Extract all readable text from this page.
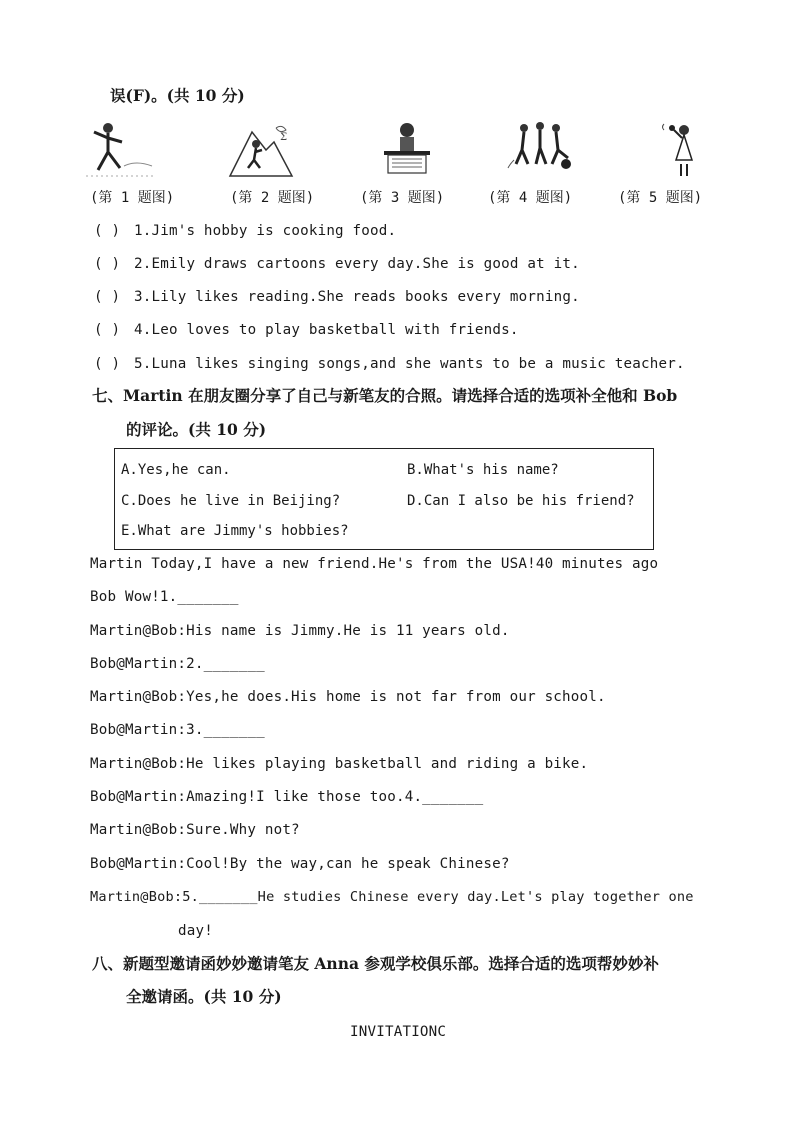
误(F)。(共 10 分)
Σ
(第 1 题图)	(第 2 题图)	(第 3 题图)	(第 4 题图)	(第 5 题图)
( ) 1.Jim's hobby is cooking food.
( ) 2.Emily draws cartoons every day.She is good at it.
( ) 3.Lily likes reading.She reads books every morning.
( ) 4.Leo loves to play basketball with friends.
( ) 5.Luna likes singing songs,and she wants to be a music teacher.
七、Martin 在朋友圈分享了自己与新笔友的合照。请选择合适的选项补全他和 Bob
的评论。(共 10 分)
A.Yes,he can.	B.What's his name?
C.Does he live in Beijing?	D.Can I also be his friend?
E.What are Jimmy's hobbies?
Martin Today,I have a new friend.He's from the USA!40 minutes ago
Bob Wow!1._______
Martin@Bob:His name is Jimmy.He is 11 years old.
Bob@Martin:2._______
Martin@Bob:Yes,he does.His home is not far from our school.
Bob@Martin:3._______
Martin@Bob:He likes playing basketball and riding a bike.
Bob@Martin:Amazing!I like those too.4._______
Martin@Bob:Sure.Why not?
Bob@Martin:Cool!By the way,can he speak Chinese?
Martin@Bob:5._______He studies Chinese every day.Let's play together one
day!
八、新题型邀请函妙妙邀请笔友 Anna 参观学校俱乐部。选择合适的选项帮妙妙补
全邀请函。(共 10 分)
INVITATIONC
